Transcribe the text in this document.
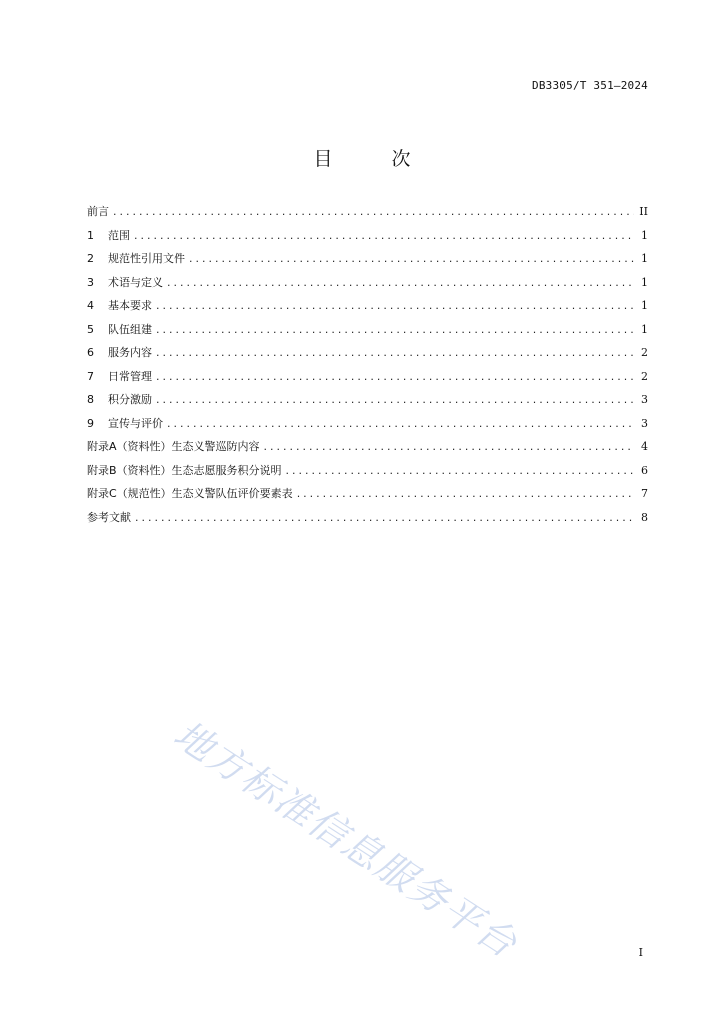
DB3305/T 351—2024
目　次
前言 .....	II
1	范围 .....	1
2	规范性引用文件 .....	1
3	术语与定义 .....	1
4	基本要求 .....	1
5	队伍组建 .....	1
6	服务内容 .....	2
7	日常管理 .....	2
8	积分激励 .....	3
9	宣传与评价 .....	3
附录A（资料性）生态义警巡防内容 .....	4
附录B（资料性）生态志愿服务积分说明 .....	6
附录C（规范性）生态义警队伍评价要素表 .....	7
参考文献 .....	8
地方标准信息服务平台	I
